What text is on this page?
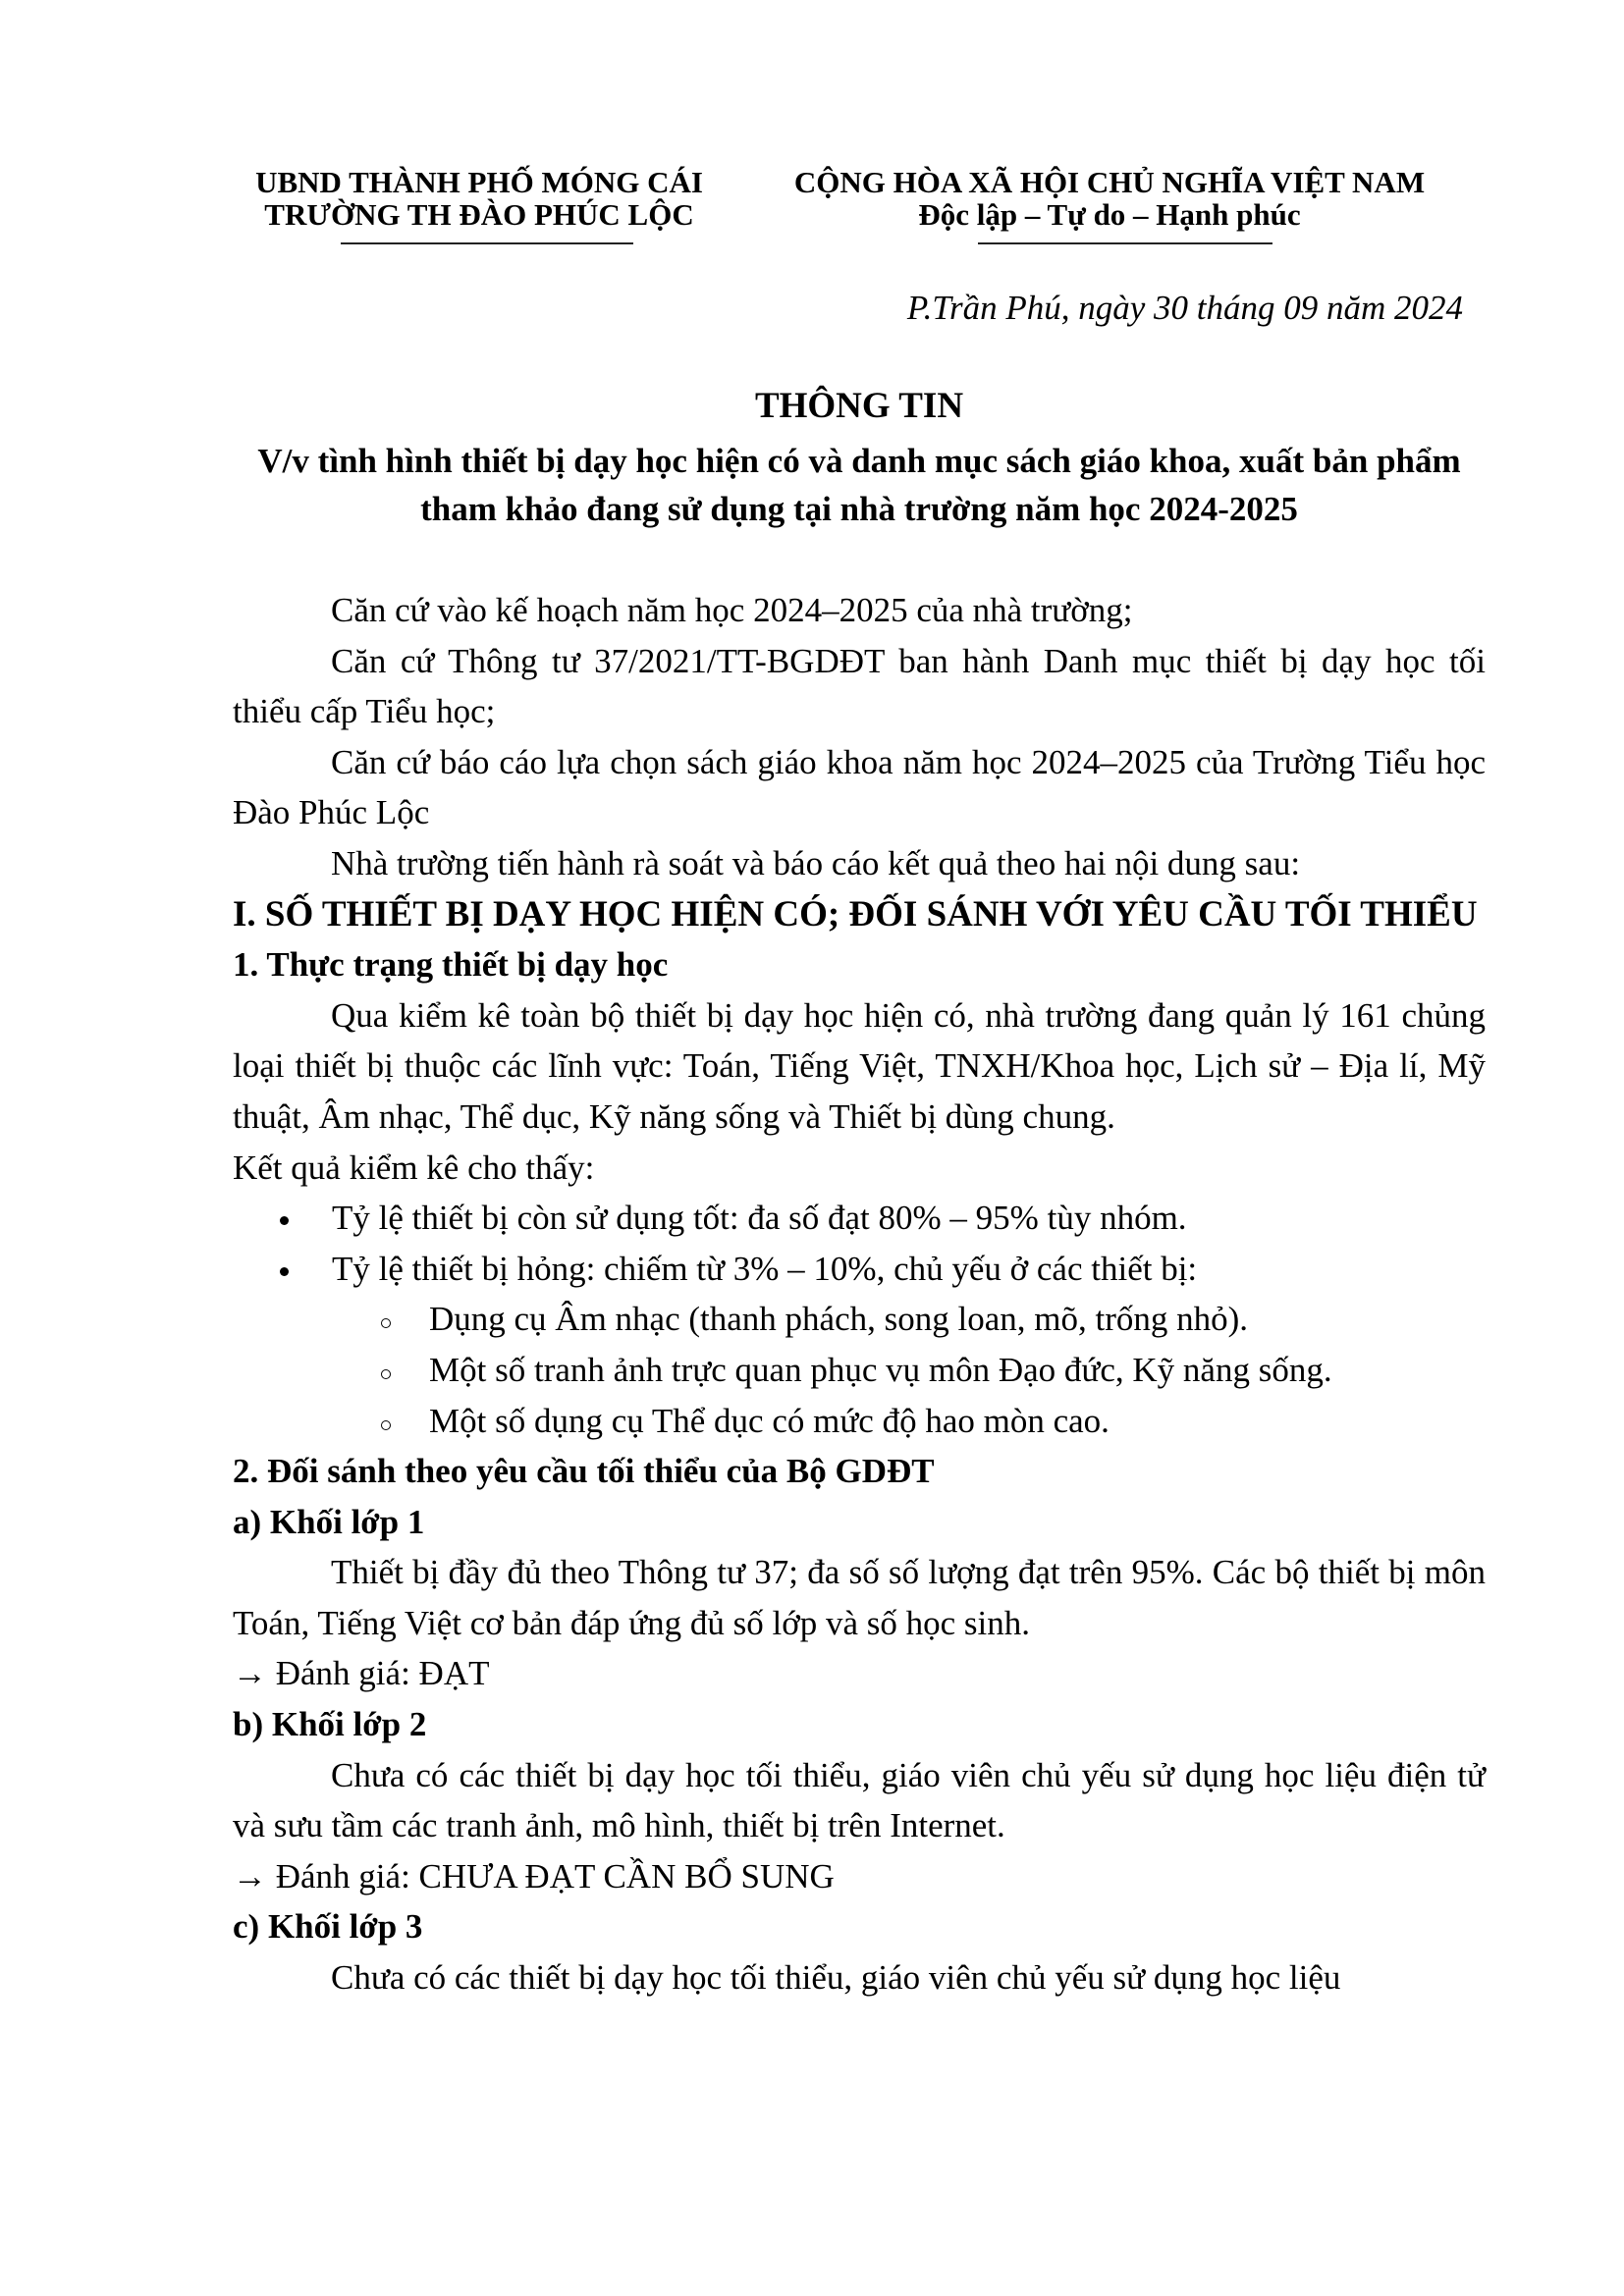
UBND THÀNH PHỐ MÓNG CÁI
TRƯỜNG TH ĐÀO PHÚC LỘC
CỘNG HÒA XÃ HỘI CHỦ NGHĨA VIỆT NAM
Độc lập – Tự do – Hạnh phúc
P.Trần Phú, ngày 30 tháng 09 năm 2024
THÔNG TIN
V/v tình hình thiết bị dạy học hiện có và danh mục sách giáo khoa, xuất bản phẩm tham khảo đang sử dụng tại nhà trường năm học 2024-2025

Căn cứ vào kế hoạch năm học 2024–2025 của nhà trường;

Căn cứ Thông tư 37/2021/TT-BGDĐT ban hành Danh mục thiết bị dạy học tối thiểu cấp Tiểu học;

Căn cứ báo cáo lựa chọn sách giáo khoa năm học 2024–2025 của Trường Tiểu học Đào Phúc Lộc

Nhà trường tiến hành rà soát và báo cáo kết quả theo hai nội dung sau:

I. SỐ THIẾT BỊ DẠY HỌC HIỆN CÓ; ĐỐI SÁNH VỚI YÊU CẦU TỐI THIỂU

1. Thực trạng thiết bị dạy học

Qua kiểm kê toàn bộ thiết bị dạy học hiện có, nhà trường đang quản lý 161 chủng loại thiết bị thuộc các lĩnh vực: Toán, Tiếng Việt, TNXH/Khoa học, Lịch sử – Địa lí, Mỹ thuật, Âm nhạc, Thể dục, Kỹ năng sống và Thiết bị dùng chung.

Kết quả kiểm kê cho thấy:

Tỷ lệ thiết bị còn sử dụng tốt: đa số đạt 80% – 95% tùy nhóm.
Tỷ lệ thiết bị hỏng: chiếm từ 3% – 10%, chủ yếu ở các thiết bị:
Dụng cụ Âm nhạc (thanh phách, song loan, mõ, trống nhỏ).
Một số tranh ảnh trực quan phục vụ môn Đạo đức, Kỹ năng sống.
Một số dụng cụ Thể dục có mức độ hao mòn cao.

2. Đối sánh theo yêu cầu tối thiểu của Bộ GDĐT

a) Khối lớp 1

Thiết bị đầy đủ theo Thông tư 37; đa số số lượng đạt trên 95%. Các bộ thiết bị môn Toán, Tiếng Việt cơ bản đáp ứng đủ số lớp và số học sinh.

→ Đánh giá: ĐẠT

b) Khối lớp 2

Chưa có các thiết bị dạy học tối thiểu, giáo viên chủ yếu sử dụng học liệu điện tử và sưu tầm các tranh ảnh, mô hình, thiết bị trên Internet.

→ Đánh giá: CHƯA ĐẠT CẦN BỔ SUNG

c) Khối lớp 3

Chưa có các thiết bị dạy học tối thiểu, giáo viên chủ yếu sử dụng học liệu
